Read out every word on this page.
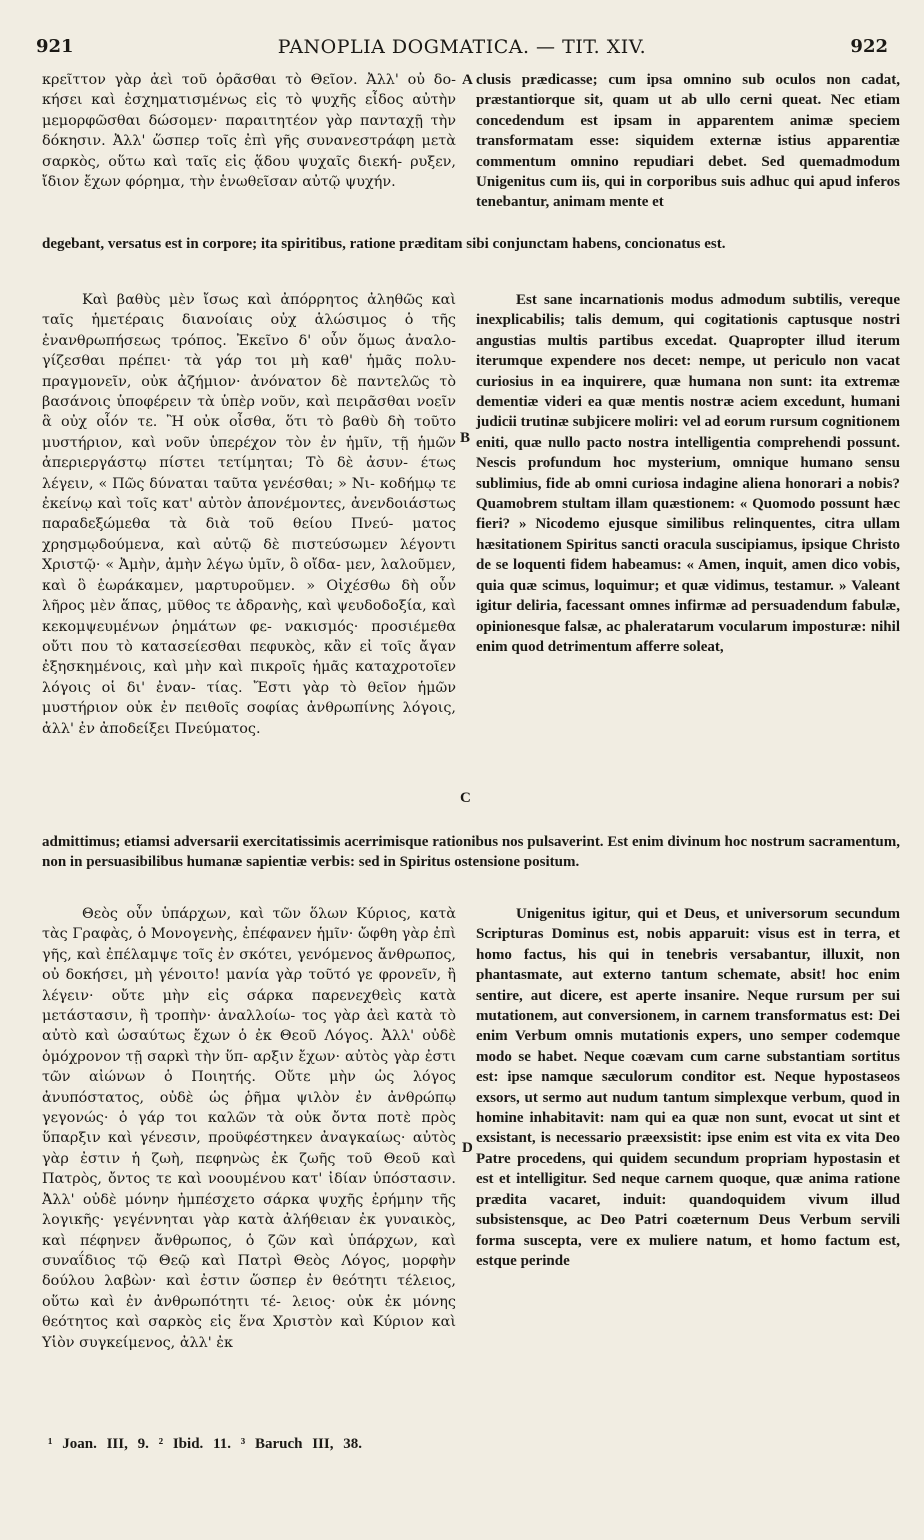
921	PANOPLIA DOGMATICA. — TIT. XIV.	922

κρεῖττον γὰρ ἀεὶ τοῦ ὁρᾶσθαι τὸ Θεῖον. Ἀλλ' οὐ δο- κήσει καὶ ἐσχηματισμένως εἰς τὸ ψυχῆς εἶδος αὐτὴν μεμορφῶσθαι δώσομεν· παραιτητέον γὰρ πανταχῇ τὴν δόκησιν. Ἀλλ' ὥσπερ τοῖς ἐπὶ γῆς συνανεστράφη μετὰ σαρκὸς, οὕτω καὶ ταῖς εἰς ᾅδου ψυχαῖς διεκή- ρυξεν, ἴδιον ἔχων φόρημα, τὴν ἑνωθεῖσαν αὐτῷ ψυχήν.

A clusis prædicasse; cum ipsa omnino sub oculos non cadat, præstantiorque sit, quam ut ab ullo cerni queat. Nec etiam concedendum est ipsam in apparentem animæ speciem transformatam esse: siquidem externæ istius apparentiæ commentum omnino repudiari debet. Sed quemadmodum Unigenitus cum iis, qui in corporibus suis adhuc qui apud inferos tenebantur, animam mente et

degebant, versatus est in corpore; ita spiritibus, ratione præditam sibi conjunctam habens, concionatus est.

Καὶ βαθὺς μὲν ἴσως καὶ ἀπόρρητος ἀληθῶς καὶ ταῖς ἡμετέραις διανοίαις οὐχ ἁλώσιμος ὁ τῆς ἐνανθρωπήσεως τρόπος. Ἐκεῖνο δ' οὖν ὅμως ἀναλο- γίζεσθαι πρέπει· τὰ γάρ τοι μὴ καθ' ἡμᾶς πολυ- πραγμονεῖν, οὐκ ἀζήμιον· ἀνόνατον δὲ παντελῶς τὸ βασάνοις ὑποφέρειν τὰ ὑπὲρ νοῦν, καὶ πειρᾶσθαι νοεῖν ἃ οὐχ οἷόν τε. Ἢ οὐκ οἶσθα, ὅτι τὸ βαθὺ δὴ τοῦτο μυστήριον, καὶ νοῦν ὑπερέχον τὸν ἐν ἡμῖν, τῇ ἡμῶν ἀπεριεργάστῳ πίστει τετίμηται; Τὸ δὲ ἀσυν- έτως λέγειν, « Πῶς δύναται ταῦτα γενέσθαι; » Νι- κοδήμῳ τε ἐκείνῳ καὶ τοῖς κατ' αὐτὸν ἀπονέμοντες, ἀνενδοιάστως παραδεξώμεθα τὰ διὰ τοῦ θείου Πνεύ- ματος χρησμῳδούμενα, καὶ αὐτῷ δὲ πιστεύσωμεν λέγοντι Χριστῷ· « Ἀμὴν, ἀμὴν λέγω ὑμῖν, ὃ οἴδα- μεν, λαλοῦμεν, καὶ ὃ ἑωράκαμεν, μαρτυροῦμεν. » Οἰχέσθω δὴ οὖν λῆρος μὲν ἅπας, μῦθος τε ἀδρανὴς, καὶ ψευδοδοξία, καὶ κεκομψευμένων ῥημάτων φε- νακισμός· προσιέμεθα οὔτι που τὸ κατασείεσθαι πεφυκὸς, κἂν εἰ τοῖς ἄγαν ἐξησκημένοις, καὶ μὴν καὶ πικροῖς ἡμᾶς καταχροτοῖεν λόγοις οἱ δι' ἐναν- τίας. Ἔστι γὰρ τὸ θεῖον ἡμῶν μυστήριον οὐκ ἐν πειθοῖς σοφίας ἀνθρωπίνης λόγοις, ἀλλ' ἐν ἀποδείξει Πνεύματος.

B
C

Est sane incarnationis modus admodum subtilis, vereque inexplicabilis; talis demum, qui cogitationis captusque nostri angustias multis partibus excedat. Quapropter illud iterum iterumque expendere nos decet: nempe, ut periculo non vacat curiosius in ea inquirere, quæ humana non sunt: ita extremæ dementiæ videri ea quæ mentis nostræ aciem excedunt, humani judicii trutinæ subjicere moliri: vel ad eorum rursum cognitionem eniti, quæ nullo pacto nostra intelligentia comprehendi possunt. Nescis profundum hoc mysterium, omnique humano sensu sublimius, fide ab omni curiosa indagine aliena honorari a nobis? Quamobrem stultam illam quæstionem: « Quomodo possunt hæc fieri? » Nicodemo ejusque similibus relinquentes, citra ullam hæsitationem Spiritus sancti oracula suscipiamus, ipsique Christo de se loquenti fidem habeamus: « Amen, inquit, amen dico vobis, quia quæ scimus, loquimur; et quæ vidimus, testamur. » Valeant igitur deliria, facessant omnes infirmæ ad persuadendum fabulæ, opinionesque falsæ, ac phaleratarum vocularum imposturæ: nihil enim quod detrimentum afferre soleat,

admittimus; etiamsi adversarii exercitatissimis acerrimisque rationibus nos pulsaverint. Est enim divinum hoc nostrum sacramentum, non in persuasibilibus humanæ sapientiæ verbis: sed in Spiritus ostensione positum.

Θεὸς οὖν ὑπάρχων, καὶ τῶν ὅλων Κύριος, κατὰ τὰς Γραφὰς, ὁ Μονογενὴς, ἐπέφανεν ἡμῖν· ὤφθη γὰρ ἐπὶ γῆς, καὶ ἐπέλαμψε τοῖς ἐν σκότει, γενόμενος ἄνθρωπος, οὐ δοκήσει, μὴ γένοιτο! μανία γὰρ τοῦτό γε φρονεῖν, ἢ λέγειν· οὔτε μὴν εἰς σάρκα παρενεχθεὶς κατὰ μετάστασιν, ἢ τροπὴν· ἀναλλοίω- τος γὰρ ἀεὶ κατὰ τὸ αὐτὸ καὶ ὡσαύτως ἔχων ὁ ἐκ Θεοῦ Λόγος. Ἀλλ' οὐδὲ ὁμόχρονον τῇ σαρκὶ τὴν ὕπ- αρξιν ἔχων· αὐτὸς γὰρ ἐστι τῶν αἰώνων ὁ Ποιητής. Οὔτε μὴν ὡς λόγος ἀνυπόστατος, οὐδὲ ὡς ῥῆμα ψιλὸν ἐν ἀνθρώπῳ γεγονώς· ὁ γάρ τοι καλῶν τὰ οὐκ ὄντα ποτὲ πρὸς ὕπαρξιν καὶ γένεσιν, προϋφέστηκεν ἀναγκαίως· αὐτὸς γὰρ ἐστιν ἡ ζωὴ, πεφηνὼς ἐκ ζωῆς τοῦ Θεοῦ καὶ Πατρὸς, ὄντος τε καὶ νοουμένου κατ' ἰδίαν ὑπόστασιν. Ἀλλ' οὐδὲ μόνην ἠμπέσχετο σάρκα ψυχῆς ἐρήμην τῆς λογικῆς· γεγέννηται γὰρ κατὰ ἀλήθειαν ἐκ γυναικὸς, καὶ πέφηνεν ἄνθρωπος, ὁ ζῶν καὶ ὑπάρχων, καὶ συναΐδιος τῷ Θεῷ καὶ Πατρὶ Θεὸς Λόγος, μορφὴν δούλου λαβὼν· καὶ ἐστιν ὥσπερ ἐν θεότητι τέλειος, οὕτω καὶ ἐν ἀνθρωπότητι τέ- λειος· οὐκ ἐκ μόνης θεότητος καὶ σαρκὸς εἰς ἕνα Χριστὸν καὶ Κύριον καὶ Υἱὸν συγκείμενος, ἀλλ' ἐκ

D

Unigenitus igitur, qui et Deus, et universorum secundum Scripturas Dominus est, nobis apparuit: visus est in terra, et homo factus, his qui in tenebris versabantur, illuxit, non phantasmate, aut externo tantum schemate, absit! hoc enim sentire, aut dicere, est aperte insanire. Neque rursum per sui mutationem, aut conversionem, in carnem transformatus est: Dei enim Verbum omnis mutationis expers, uno semper codemque modo se habet. Neque coævam cum carne substantiam sortitus est: ipse namque sæculorum conditor est. Neque hypostaseos exsors, ut sermo aut nudum tantum simplexque verbum, quod in homine inhabitavit: nam qui ea quæ non sunt, evocat ut sint et exsistant, is necessario præexsistit: ipse enim est vita ex vita Deo Patre procedens, qui quidem secundum propriam hypostasin et est et intelligitur. Sed neque carnem quoque, quæ anima ratione prædita vacaret, induit: quandoquidem vivum illud subsistensque, ac Deo Patri coæternum Deus Verbum servili forma suscepta, vere ex muliere natum, et homo factum est, estque perinde

¹ Joan. III, 9. ² Ibid. 11. ³ Baruch III, 38.
